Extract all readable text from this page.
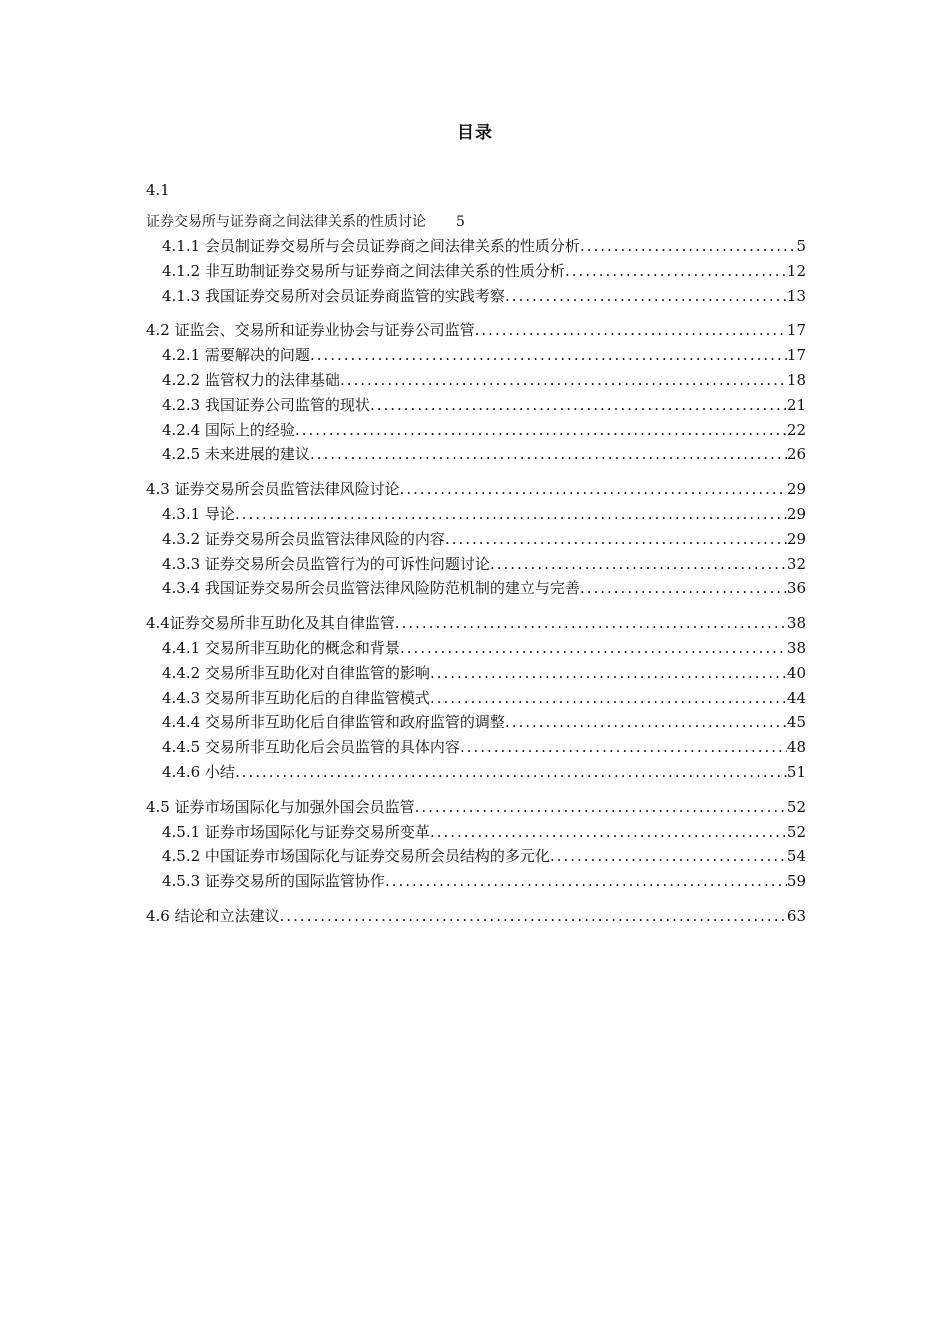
目录
4.1
证券交易所与证券商之间法律关系的性质讨论 5
4.1.1 会员制证券交易所与会员证券商之间法律关系的性质分析 .....	5
4.1.2 非互助制证券交易所与证券商之间法律关系的性质分析 .....	12
4.1.3 我国证券交易所对会员证券商监管的实践考察 .....	13
4.2 证监会、交易所和证券业协会与证券公司监管 .....	17
4.2.1 需要解决的问题 .....	17
4.2.2 监管权力的法律基础 .....	18
4.2.3 我国证券公司监管的现状 .....	21
4.2.4 国际上的经验 .....	22
4.2.5 未来进展的建议 .....	26
4.3 证券交易所会员监管法律风险讨论 .....	29
4.3.1 导论 .....	29
4.3.2 证券交易所会员监管法律风险的内容 .....	29
4.3.3 证券交易所会员监管行为的可诉性问题讨论 .....	32
4.3.4 我国证券交易所会员监管法律风险防范机制的建立与完善 .....	36
4.4证券交易所非互助化及其自律监管 .....	38
4.4.1 交易所非互助化的概念和背景 .....	38
4.4.2 交易所非互助化对自律监管的影响 .....	40
4.4.3 交易所非互助化后的自律监管模式 .....	44
4.4.4 交易所非互助化后自律监管和政府监管的调整 .....	45
4.4.5 交易所非互助化后会员监管的具体内容 .....	48
4.4.6 小结 .....	51
4.5 证券市场国际化与加强外国会员监管 .....	52
4.5.1 证券市场国际化与证券交易所变革 .....	52
4.5.2 中国证券市场国际化与证券交易所会员结构的多元化 .....	54
4.5.3 证券交易所的国际监管协作 .....	59
4.6 结论和立法建议 .....	63
